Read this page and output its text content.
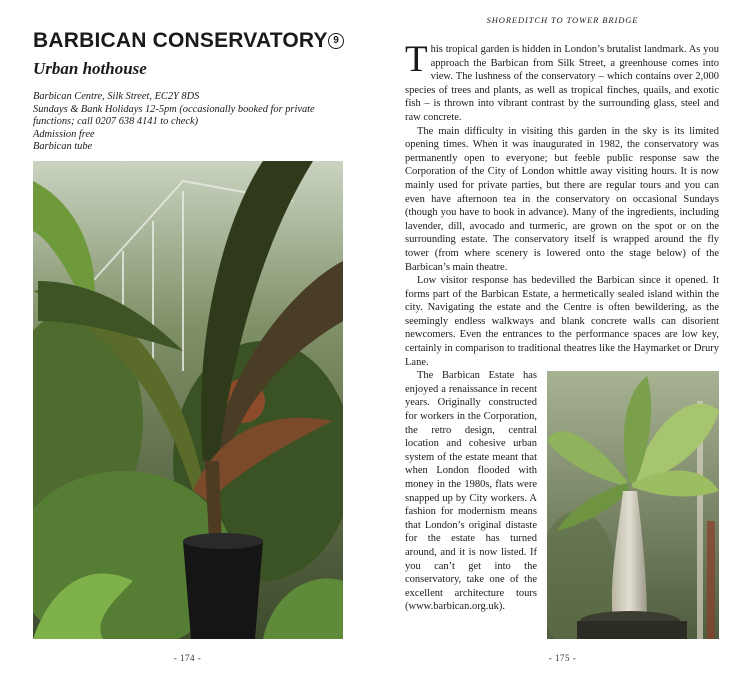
BARBICAN CONSERVATORY 9
Urban hothouse
Barbican Centre, Silk Street, EC2Y 8DS
Sundays & Bank Holidays 12-5pm (occasionally booked for private functions; call 0207 638 4141 to check)
Admission free
Barbican tube
- 174 -
SHOREDITCH TO TOWER BRIDGE

This tropical garden is hidden in London’s brutalist landmark. As you approach the Barbican from Silk Street, a greenhouse comes into view. The lushness of the conservatory – which contains over 2,000 species of trees and plants, as well as tropical finches, quails, and exotic fish – is thrown into vibrant contrast by the surrounding glass, steel and raw concrete.

The main difficulty in visiting this garden in the sky is its limited opening times. When it was inaugurated in 1982, the conservatory was permanently open to everyone; but feeble public response saw the Corporation of the City of London whittle away visiting hours. It is now mainly used for private parties, but there are regular tours and you can even have afternoon tea in the conservatory on occasional Sundays (though you have to book in advance). Many of the ingredients, including lavender, dill, avocado and turmeric, are grown on the spot or on the surrounding estate. The conservatory itself is wrapped around the fly tower (from where scenery is lowered onto the stage below) of the Barbican’s main theatre.

Low visitor response has bedevilled the Barbican since it opened. It forms part of the Barbican Estate, a hermetically sealed island within the city. Navigating the estate and the Centre is often bewildering, as the seemingly endless walkways and blank concrete walls can disorient newcomers. Even the entrances to the performance spaces are low key, certainly in comparison to traditional theatres like the Haymarket or Drury Lane.

The Barbican Estate has enjoyed a renaissance in recent years. Originally constructed for workers in the Corporation, the retro design, central location and cohesive urban system of the estate meant that when London flooded with money in the 1980s, flats were snapped up by City workers. A fashion for modernism means that London’s original distaste for the estate has turned around, and it is now listed. If you can’t get into the conservatory, take one of the excellent architecture tours (www.barbican.org.uk).

- 175 -
